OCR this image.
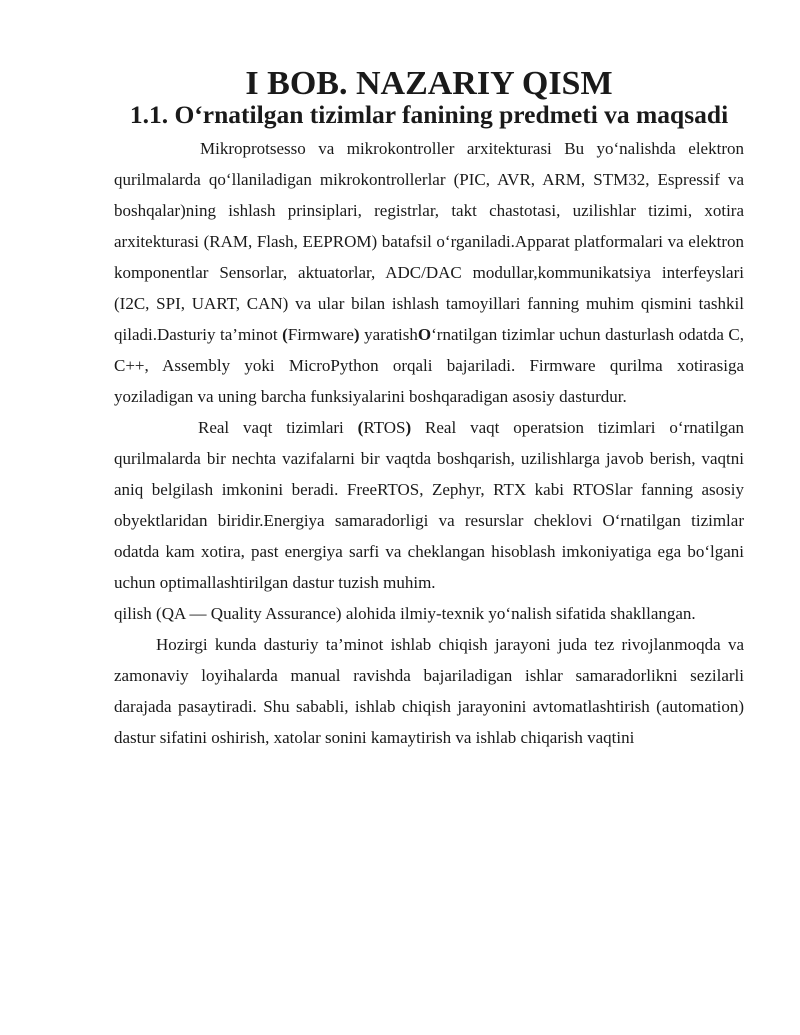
I BOB. NAZARIY QISM
1.1. O‘rnatilgan tizimlar fanining predmeti va maqsadi

Mikroprotsesso va mikrokontroller arxitekturasi Bu yo‘nalishda elektron qurilmalarda qo‘llaniladigan mikrokontrollerlar (PIC, AVR, ARM, STM32, Espressif va boshqalar)ning ishlash prinsiplari, registrlar, takt chastotasi, uzilishlar tizimi, xotira arxitekturasi (RAM, Flash, EEPROM) batafsil o‘rganiladi.Apparat platformalari va elektron komponentlar Sensorlar, aktuatorlar, ADC/DAC modullar,kommunikatsiya interfeyslari (I2C, SPI, UART, CAN) va ular bilan ishlash tamoyillari fanning muhim qismini tashkil qiladi.Dasturiy ta’minot (Firmware) yaratishO‘rnatilgan tizimlar uchun dasturlash odatda C, C++, Assembly yoki MicroPython orqali bajariladi. Firmware qurilma xotirasiga yoziladigan va uning barcha funksiyalarini boshqaradigan asosiy dasturdur.

Real vaqt tizimlari (RTOS) Real vaqt operatsion tizimlari o‘rnatilgan qurilmalarda bir nechta vazifalarni bir vaqtda boshqarish, uzilishlarga javob berish, vaqtni aniq belgilash imkonini beradi. FreeRTOS, Zephyr, RTX kabi RTOSlar fanning asosiy obyektlaridan biridir.Energiya samaradorligi va resurslar cheklovi O‘rnatilgan tizimlar odatda kam xotira, past energiya sarfi va cheklangan hisoblash imkoniyatiga ega bo‘lgani uchun optimallashtirilgan dastur tuzish muhim.

qilish (QA — Quality Assurance) alohida ilmiy-texnik yo‘nalish sifatida shakllangan.

Hozirgi kunda dasturiy ta’minot ishlab chiqish jarayoni juda tez rivojlanmoqda va zamonaviy loyihalarda manual ravishda bajariladigan ishlar samaradorlikni sezilarli darajada pasaytiradi. Shu sababli, ishlab chiqish jarayonini avtomatlashtirish (automation) dastur sifatini oshirish, xatolar sonini kamaytirish va ishlab chiqarish vaqtini
